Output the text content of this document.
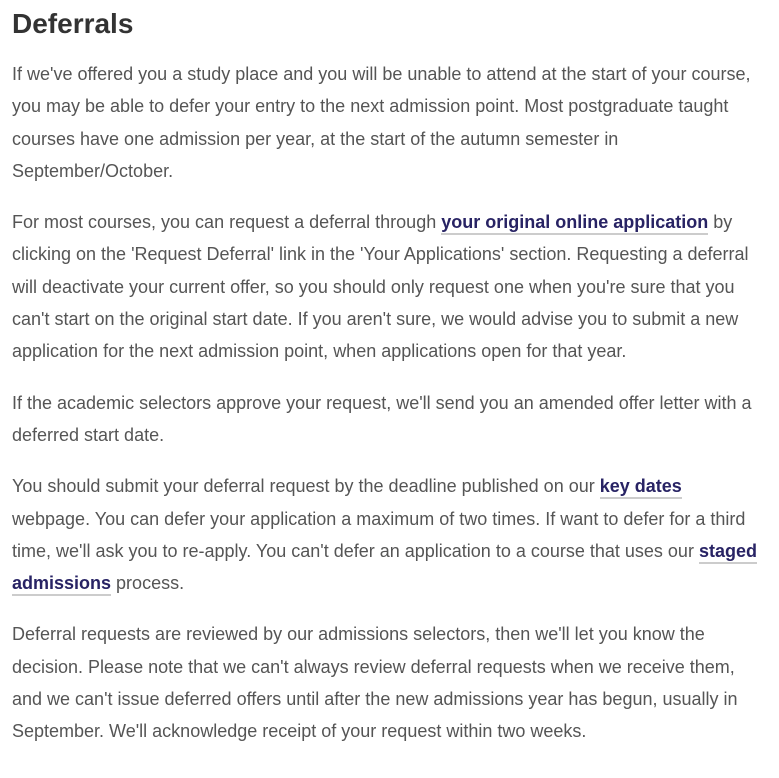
Deferrals

If we've offered you a study place and you will be unable to attend at the start of your course, you may be able to defer your entry to the next admission point. Most postgraduate taught courses have one admission per year, at the start of the autumn semester in September/October.

For most courses, you can request a deferral through your original online application by clicking on the 'Request Deferral' link in the 'Your Applications' section. Requesting a deferral will deactivate your current offer, so you should only request one when you're sure that you can't start on the original start date. If you aren't sure, we would advise you to submit a new application for the next admission point, when applications open for that year.

If the academic selectors approve your request, we'll send you an amended offer letter with a deferred start date.

You should submit your deferral request by the deadline published on our key dates webpage. You can defer your application a maximum of two times. If want to defer for a third time, we'll ask you to re-apply. You can't defer an application to a course that uses our staged admissions process.

Deferral requests are reviewed by our admissions selectors, then we'll let you know the decision. Please note that we can't always review deferral requests when we receive them, and we can't issue deferred offers until after the new admissions year has begun, usually in September. We'll acknowledge receipt of your request within two weeks.
